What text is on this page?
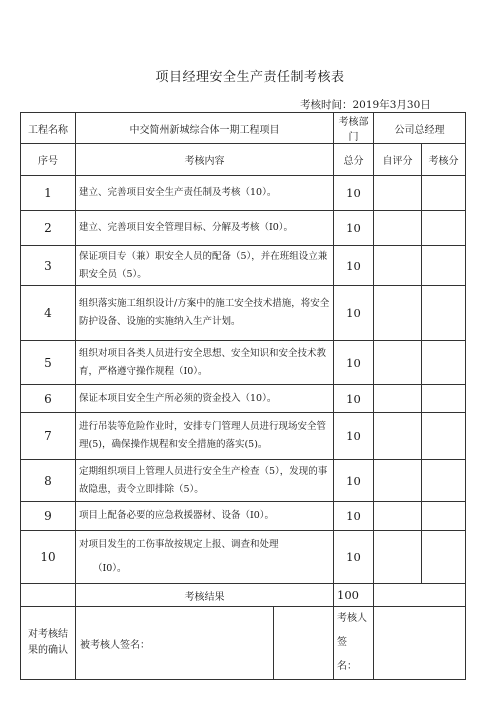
项目经理安全生产责任制考核表
考核时间：2019年3月30日
工程名称	中交简州新城综合体一期工程项目		考核部门	公司总经理	
序号	考核内容		总分	自评分	考核分
1	建立、完善项目安全生产责任制及考核（10）。		10		
2	建立、完善项目安全管理目标、分解及考核（I0）。		10		
3	保证项目专（兼）职安全人员的配备（5），并在班组设立兼职安全员（5）。		10		
4	组织落实施工组织设计/方案中的施工安全技术措施，将安全防护设备、设施的实施纳入生产计划。		10		
5	组织对项目各类人员进行安全思想、安全知识和安全技术教育，严格遵守操作规程（I0）。		10		
6	保证本项目安全生产所必须的资金投入（10）。		10		
7	进行吊装等危险作业时，安排专门管理人员进行现场安全管理(5)，确保操作规程和安全措施的落实(5)。		10		
8	定期组织项目上管理人员进行安全生产检查（5），发现的事故隐患，责令立即排除（5）。		10		
9	项目上配备必要的应急救援器材、设备（I0）。		10		
10	对项目发生的工伤事故按规定上报、调查和处理
（I0）。		10		
	考核结果		100		
对考核结果的确认	被考核人签名：		考核人签
名：		
